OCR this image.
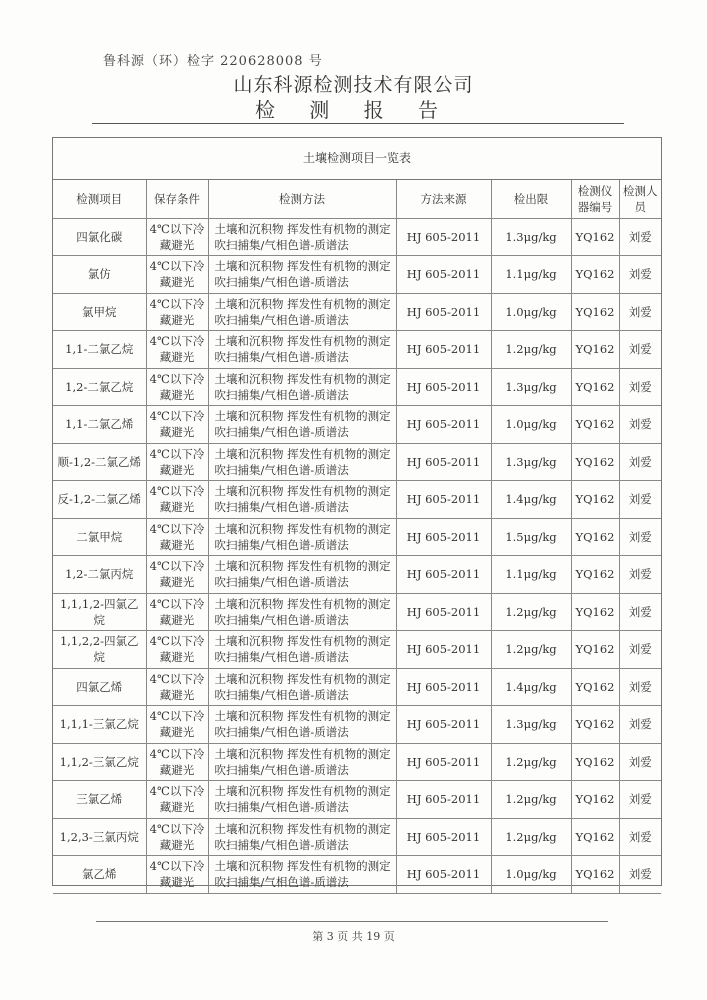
鲁科源（环）检字 220628008 号
山东科源检测技术有限公司
检 测 报 告
土壤检测项目一览表
检测项目	保存条件	检测方法	方法来源	检出限	检测仪器编号	检测人员
四氯化碳	4℃以下冷藏避光	土壤和沉积物 挥发性有机物的测定 吹扫捕集/气相色谱-质谱法	HJ 605-2011	1.3μg/kg	YQ162	刘爱
氯仿	4℃以下冷藏避光	土壤和沉积物 挥发性有机物的测定 吹扫捕集/气相色谱-质谱法	HJ 605-2011	1.1μg/kg	YQ162	刘爱
氯甲烷	4℃以下冷藏避光	土壤和沉积物 挥发性有机物的测定 吹扫捕集/气相色谱-质谱法	HJ 605-2011	1.0μg/kg	YQ162	刘爱
1,1-二氯乙烷	4℃以下冷藏避光	土壤和沉积物 挥发性有机物的测定 吹扫捕集/气相色谱-质谱法	HJ 605-2011	1.2μg/kg	YQ162	刘爱
1,2-二氯乙烷	4℃以下冷藏避光	土壤和沉积物 挥发性有机物的测定 吹扫捕集/气相色谱-质谱法	HJ 605-2011	1.3μg/kg	YQ162	刘爱
1,1-二氯乙烯	4℃以下冷藏避光	土壤和沉积物 挥发性有机物的测定 吹扫捕集/气相色谱-质谱法	HJ 605-2011	1.0μg/kg	YQ162	刘爱
顺-1,2-二氯乙烯	4℃以下冷藏避光	土壤和沉积物 挥发性有机物的测定 吹扫捕集/气相色谱-质谱法	HJ 605-2011	1.3μg/kg	YQ162	刘爱
反-1,2-二氯乙烯	4℃以下冷藏避光	土壤和沉积物 挥发性有机物的测定 吹扫捕集/气相色谱-质谱法	HJ 605-2011	1.4μg/kg	YQ162	刘爱
二氯甲烷	4℃以下冷藏避光	土壤和沉积物 挥发性有机物的测定 吹扫捕集/气相色谱-质谱法	HJ 605-2011	1.5μg/kg	YQ162	刘爱
1,2-二氯丙烷	4℃以下冷藏避光	土壤和沉积物 挥发性有机物的测定 吹扫捕集/气相色谱-质谱法	HJ 605-2011	1.1μg/kg	YQ162	刘爱
1,1,1,2-四氯乙烷	4℃以下冷藏避光	土壤和沉积物 挥发性有机物的测定 吹扫捕集/气相色谱-质谱法	HJ 605-2011	1.2μg/kg	YQ162	刘爱
1,1,2,2-四氯乙烷	4℃以下冷藏避光	土壤和沉积物 挥发性有机物的测定 吹扫捕集/气相色谱-质谱法	HJ 605-2011	1.2μg/kg	YQ162	刘爱
四氯乙烯	4℃以下冷藏避光	土壤和沉积物 挥发性有机物的测定 吹扫捕集/气相色谱-质谱法	HJ 605-2011	1.4μg/kg	YQ162	刘爱
1,1,1-三氯乙烷	4℃以下冷藏避光	土壤和沉积物 挥发性有机物的测定 吹扫捕集/气相色谱-质谱法	HJ 605-2011	1.3μg/kg	YQ162	刘爱
1,1,2-三氯乙烷	4℃以下冷藏避光	土壤和沉积物 挥发性有机物的测定 吹扫捕集/气相色谱-质谱法	HJ 605-2011	1.2μg/kg	YQ162	刘爱
三氯乙烯	4℃以下冷藏避光	土壤和沉积物 挥发性有机物的测定 吹扫捕集/气相色谱-质谱法	HJ 605-2011	1.2μg/kg	YQ162	刘爱
1,2,3-三氯丙烷	4℃以下冷藏避光	土壤和沉积物 挥发性有机物的测定 吹扫捕集/气相色谱-质谱法	HJ 605-2011	1.2μg/kg	YQ162	刘爱
氯乙烯	4℃以下冷藏避光	土壤和沉积物 挥发性有机物的测定 吹扫捕集/气相色谱-质谱法	HJ 605-2011	1.0μg/kg	YQ162	刘爱
第 3 页 共 19 页
